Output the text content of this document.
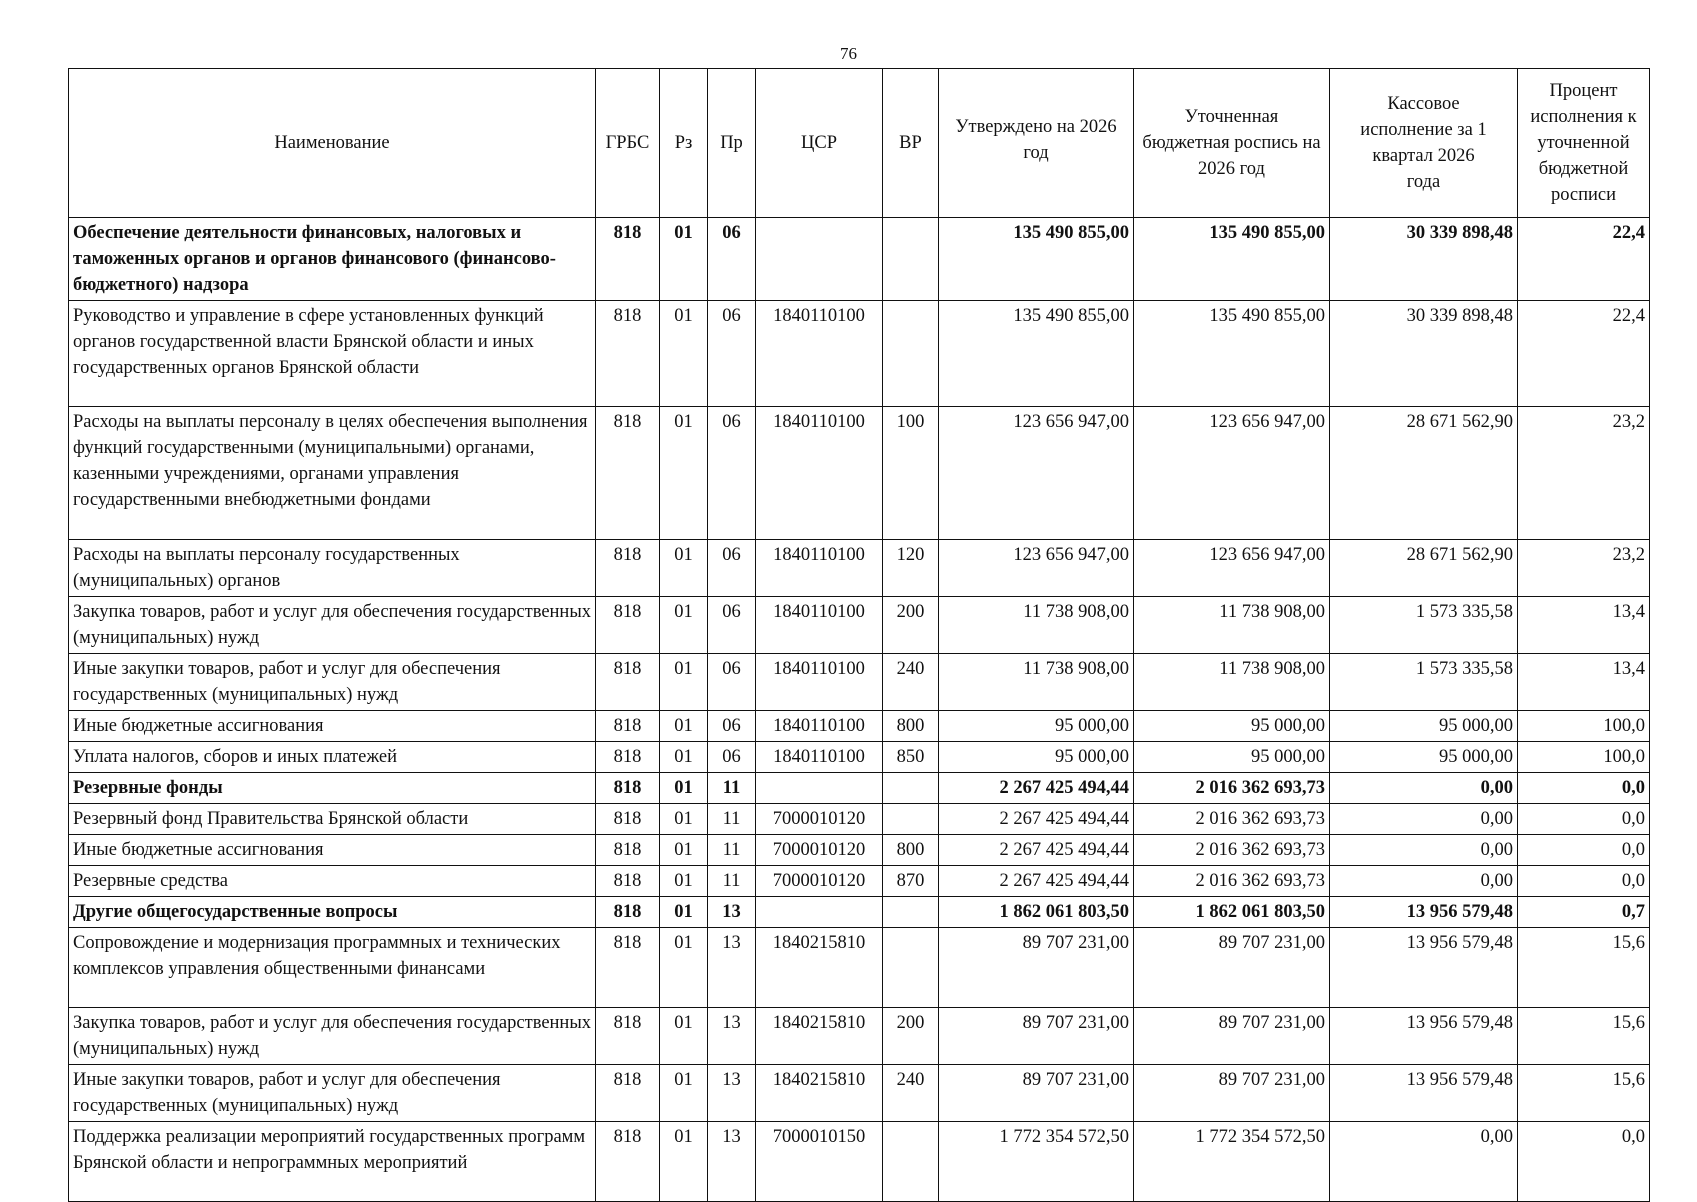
76
Наименование	ГРБС	Рз	Пр	ЦСР	ВР	Утверждено на 2026 год	Уточненная бюджетная роспись на 2026 год	Кассовое исполнение за 1 квартал 2026 года	Процент исполнения к уточненной бюджетной росписи
Обеспечение деятельности финансовых, налоговых и таможенных органов и органов финансового (финансово-бюджетного) надзора	818	01	06			135 490 855,00	135 490 855,00	30 339 898,48	22,4
Руководство и управление в сфере установленных функций органов государственной власти Брянской области и иных государственных органов Брянской области	818	01	06	1840110100		135 490 855,00	135 490 855,00	30 339 898,48	22,4
Расходы на выплаты персоналу в целях обеспечения выполнения функций государственными (муниципальными) органами, казенными учреждениями, органами управления государственными внебюджетными фондами	818	01	06	1840110100	100	123 656 947,00	123 656 947,00	28 671 562,90	23,2
Расходы на выплаты персоналу государственных (муниципальных) органов	818	01	06	1840110100	120	123 656 947,00	123 656 947,00	28 671 562,90	23,2
Закупка товаров, работ и услуг для обеспечения государственных (муниципальных) нужд	818	01	06	1840110100	200	11 738 908,00	11 738 908,00	1 573 335,58	13,4
Иные закупки товаров, работ и услуг для обеспечения государственных (муниципальных) нужд	818	01	06	1840110100	240	11 738 908,00	11 738 908,00	1 573 335,58	13,4
Иные бюджетные ассигнования	818	01	06	1840110100	800	95 000,00	95 000,00	95 000,00	100,0
Уплата налогов, сборов и иных платежей	818	01	06	1840110100	850	95 000,00	95 000,00	95 000,00	100,0
Резервные фонды	818	01	11			2 267 425 494,44	2 016 362 693,73	0,00	0,0
Резервный фонд Правительства Брянской области	818	01	11	7000010120		2 267 425 494,44	2 016 362 693,73	0,00	0,0
Иные бюджетные ассигнования	818	01	11	7000010120	800	2 267 425 494,44	2 016 362 693,73	0,00	0,0
Резервные средства	818	01	11	7000010120	870	2 267 425 494,44	2 016 362 693,73	0,00	0,0
Другие общегосударственные вопросы	818	01	13			1 862 061 803,50	1 862 061 803,50	13 956 579,48	0,7
Сопровождение и модернизация программных и технических комплексов управления общественными финансами	818	01	13	1840215810		89 707 231,00	89 707 231,00	13 956 579,48	15,6
Закупка товаров, работ и услуг для обеспечения государственных (муниципальных) нужд	818	01	13	1840215810	200	89 707 231,00	89 707 231,00	13 956 579,48	15,6
Иные закупки товаров, работ и услуг для обеспечения государственных (муниципальных) нужд	818	01	13	1840215810	240	89 707 231,00	89 707 231,00	13 956 579,48	15,6
Поддержка реализации мероприятий государственных программ Брянской области и непрограммных мероприятий	818	01	13	7000010150		1 772 354 572,50	1 772 354 572,50	0,00	0,0
